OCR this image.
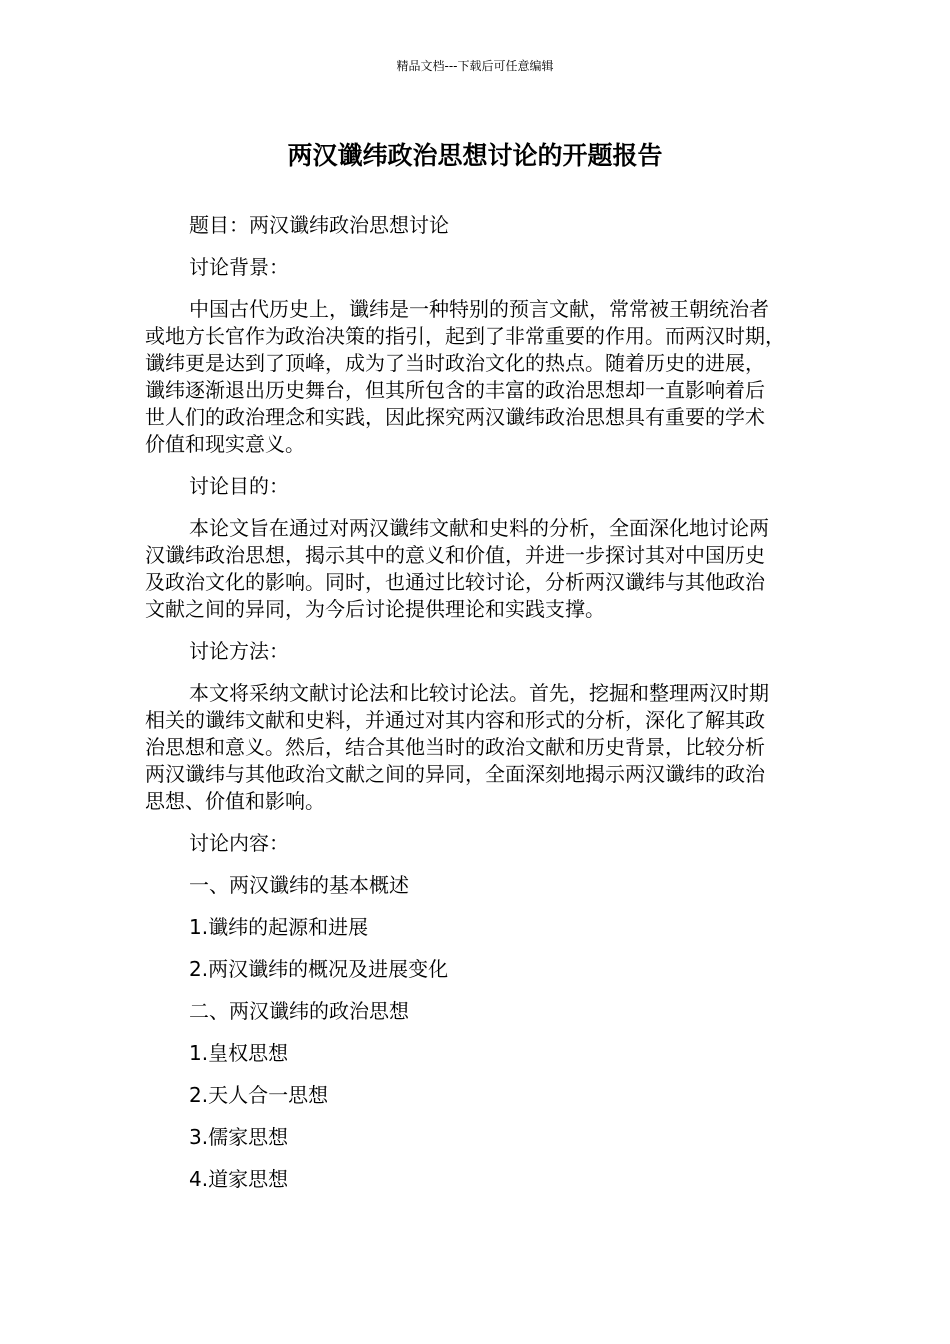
精品文档---下载后可任意编辑
两汉谶纬政治思想讨论的开题报告
题目：两汉谶纬政治思想讨论
讨论背景：
中国古代历史上，谶纬是一种特别的预言文献，常常被王朝统治者
或地方长官作为政治决策的指引，起到了非常重要的作用。而两汉时期，
谶纬更是达到了顶峰，成为了当时政治文化的热点。随着历史的进展，
谶纬逐渐退出历史舞台，但其所包含的丰富的政治思想却一直影响着后
世人们的政治理念和实践，因此探究两汉谶纬政治思想具有重要的学术
价值和现实意义。
讨论目的：
本论文旨在通过对两汉谶纬文献和史料的分析，全面深化地讨论两
汉谶纬政治思想，揭示其中的意义和价值，并进一步探讨其对中国历史
及政治文化的影响。同时，也通过比较讨论，分析两汉谶纬与其他政治
文献之间的异同，为今后讨论提供理论和实践支撑。
讨论方法：
本文将采纳文献讨论法和比较讨论法。首先，挖掘和整理两汉时期
相关的谶纬文献和史料，并通过对其内容和形式的分析，深化了解其政
治思想和意义。然后，结合其他当时的政治文献和历史背景，比较分析
两汉谶纬与其他政治文献之间的异同，全面深刻地揭示两汉谶纬的政治
思想、价值和影响。
讨论内容：
一、两汉谶纬的基本概述
1.谶纬的起源和进展
2.两汉谶纬的概况及进展变化
二、两汉谶纬的政治思想
1.皇权思想
2.天人合一思想
3.儒家思想
4.道家思想
